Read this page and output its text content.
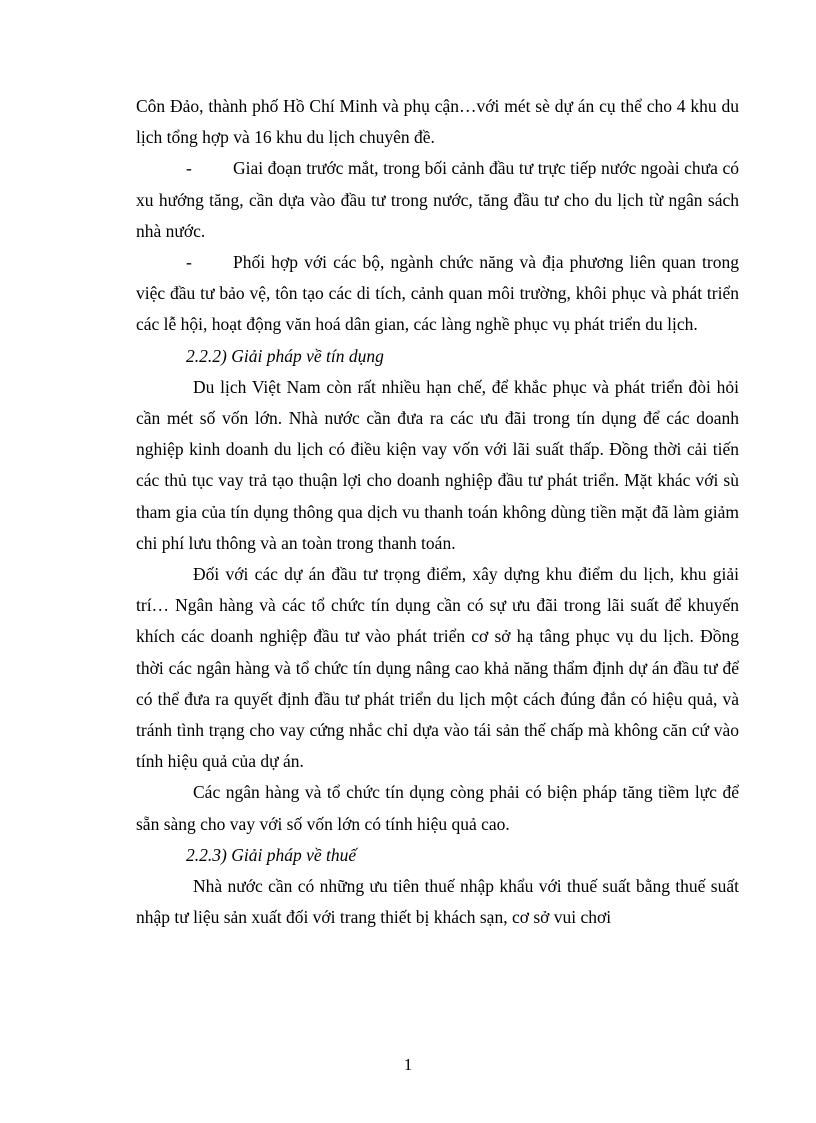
Côn Đảo, thành phố Hồ Chí Minh và phụ cận…với mét sè dự án cụ thể cho 4 khu du lịch tổng hợp và 16 khu du lịch chuyên đề.

- Giai đoạn trước mắt, trong bối cảnh đầu tư trực tiếp nước ngoài chưa có xu hướng tăng, cần dựa vào đầu tư trong nước, tăng đầu tư cho du lịch từ ngân sách nhà nước.

- Phối hợp với các bộ, ngành chức năng và địa phương liên quan trong việc đầu tư bảo vệ, tôn tạo các di tích, cảnh quan môi trường, khôi phục và phát triển các lễ hội, hoạt động văn hoá dân gian, các làng nghề phục vụ phát triển du lịch.

2.2.2) Giải pháp về tín dụng

Du lịch Việt Nam còn rất nhiều hạn chế, để khắc phục và phát triển đòi hỏi cần mét số vốn lớn. Nhà nước cần đưa ra các ưu đãi trong tín dụng để các doanh nghiệp kinh doanh du lịch có điều kiện vay vốn với lãi suất thấp. Đồng thời cải tiến các thủ tục vay trả tạo thuận lợi cho doanh nghiệp đầu tư phát triển. Mặt khác với sù tham gia của tín dụng thông qua dịch vu thanh toán không dùng tiền mặt đã làm giảm chi phí lưu thông và an toàn trong thanh toán.

Đối với các dự án đầu tư trọng điểm, xây dựng khu điểm du lịch, khu giải trí… Ngân hàng và các tổ chức tín dụng cần có sự ưu đãi trong lãi suất để khuyến khích các doanh nghiệp đầu tư vào phát triển cơ sở hạ tâng phục vụ du lịch. Đồng thời các ngân hàng và tổ chức tín dụng nâng cao khả năng thẩm định dự án đầu tư để có thể đưa ra quyết định đầu tư phát triển du lịch một cách đúng đắn có hiệu quả, và tránh tình trạng cho vay cứng nhắc chỉ dựa vào tái sản thế chấp mà không căn cứ vào tính hiệu quả của dự án.

Các ngân hàng và tổ chức tín dụng còng phải có biện pháp tăng tiềm lực để sẵn sàng cho vay với số vốn lớn có tính hiệu quả cao.

2.2.3) Giải pháp về thuế

Nhà nước cần có những ưu tiên thuế nhập khẩu với thuế suất bằng thuế suất nhập tư liệu sản xuất đối với trang thiết bị khách sạn, cơ sở vui chơi

1
